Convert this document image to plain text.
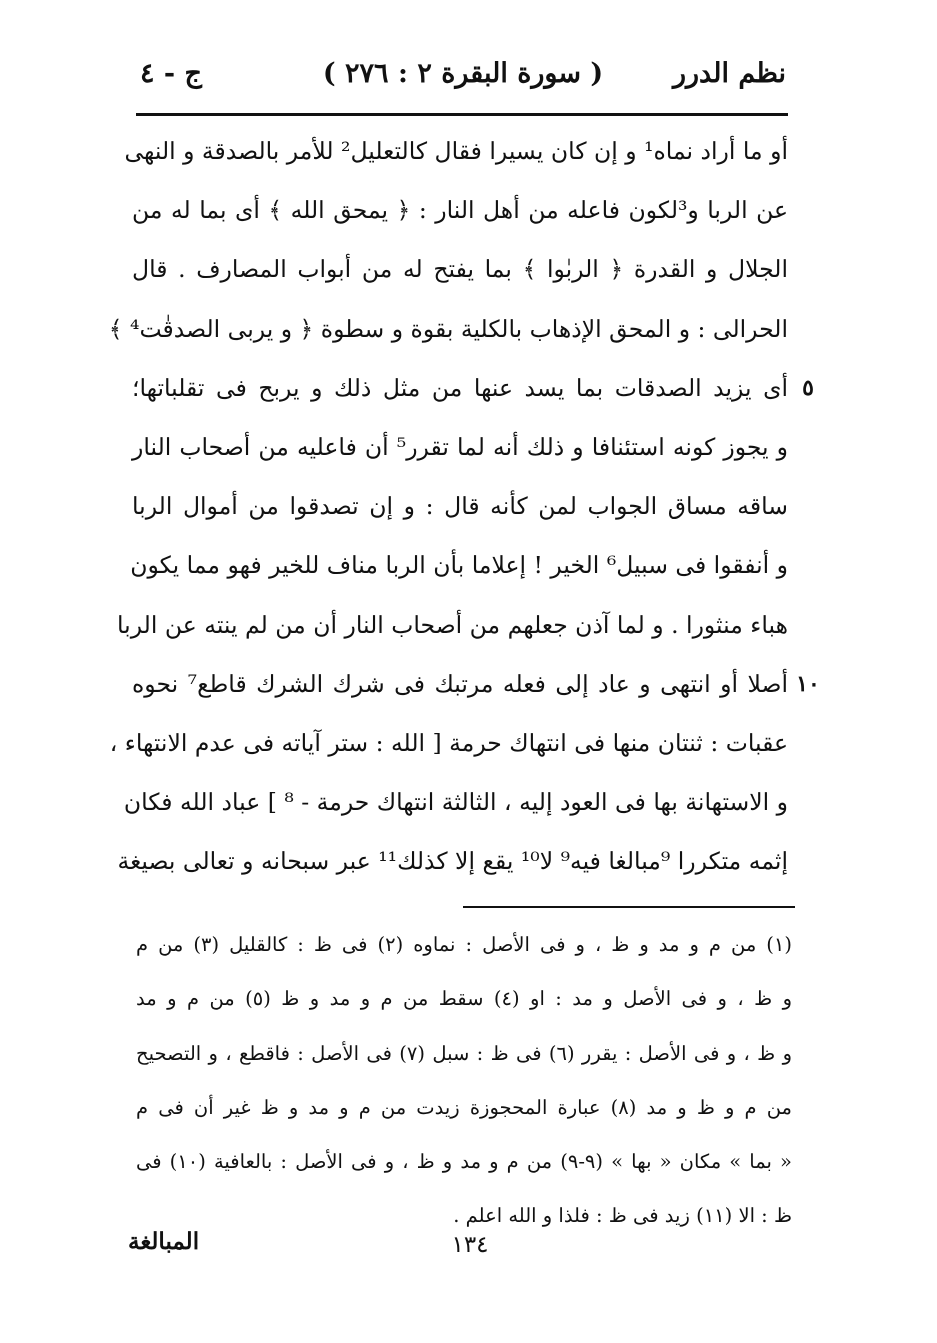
نظم الدرر
( سورة البقرة ٢ : ٢٧٦ )
ج - ٤
أو ما أراد نماه¹ و إن كان يسيرا فقال كالتعليل² للأمر بالصدقة و النهى
عن الربا و³لكون فاعله من أهل النار : ﴿ يمحق الله ﴾ أى بما له من
الجلال و القدرة ﴿ الربٰوا ﴾ بما يفتح له من أبواب المصارف . قال
الحرالى : و المحق الإذهاب بالكلية بقوة و سطوة ﴿ و يربى الصدقٰت⁴ ﴾
أى يزيد الصدقات بما يسد عنها من مثل ذلك و يربح فى تقلباتها؛
و يجوز كونه استئنافا و ذلك أنه لما تقرر⁵ أن فاعليه من أصحاب النار
ساقه مساق الجواب لمن كأنه قال : و إن تصدقوا من أموال الربا
و أنفقوا فى سبيل⁶ الخير ! إعلاما بأن الربا مناف للخير فهو مما يكون
هباء منثورا . و لما آذن جعلهم من أصحاب النار أن من لم ينته عن الربا
أصلا أو انتهى و عاد إلى فعله مرتبك فى شرك الشرك قاطع⁷ نحوه
عقبات : ثنتان منها فى انتهاك حرمة [ الله : ستر آياته فى عدم الانتهاء ،
و الاستهانة بها فى العود إليه ، الثالثة انتهاك حرمة - ⁸ ] عباد الله فكان
إثمه متكررا ⁹مبالغا فيه⁹ لا¹⁰ يقع إلا كذلك¹¹ عبر سبحانه و تعالى بصيغة
٥
١٠
(١) من م و مد و ظ ، و فى الأصل : نماوه (٢) فى ظ : كالقليل (٣) من م
و ظ ، و فى الأصل و مد : او (٤) سقط من م و مد و ظ (٥) من م و مد
و ظ ، و فى الأصل : يقرر (٦) فى ظ : سبل (٧) فى الأصل : فاقطع ، و التصحيح
من م و ظ و مد (٨) عبارة المحجوزة زيدت من م و مد و ظ غير أن فى م
« بما » مكان « بها » (٩-٩) من م و مد و ظ ، و فى الأصل : بالعافية (١٠) فى
ظ : الا (١١) زيد فى ظ : فلذا و الله اعلم .
١٣٤
المبالغة
